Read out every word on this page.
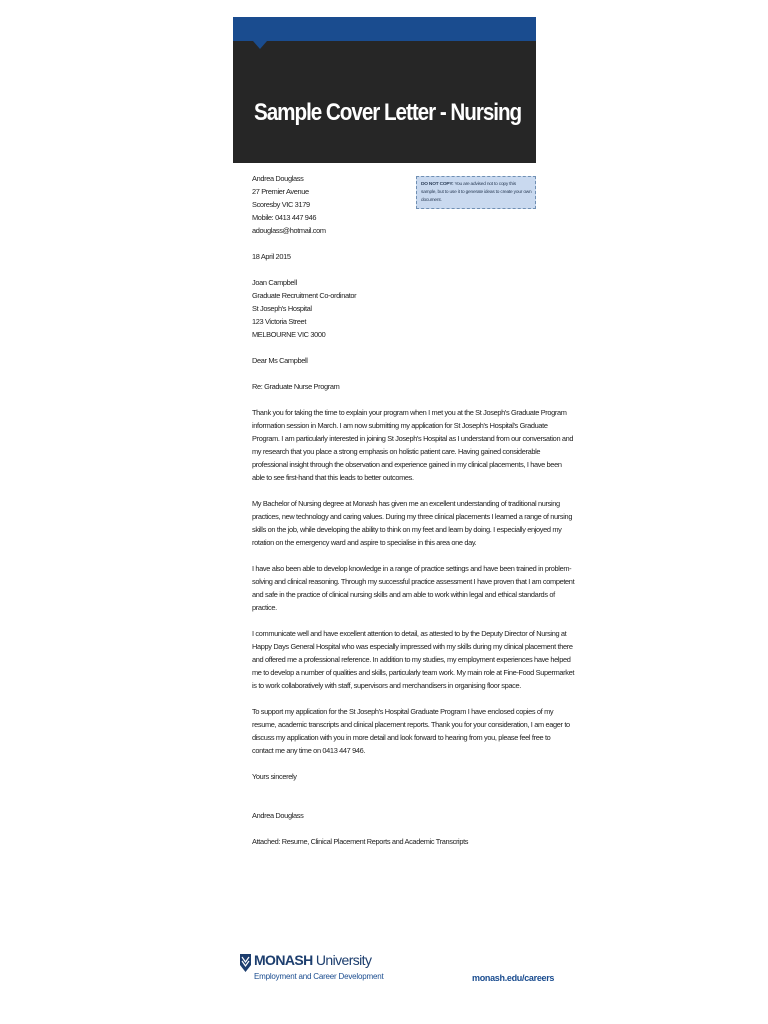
Sample Cover Letter - Nursing
DO NOT COPY: You are advised not to copy this sample, but to use it to generate ideas to create your own document.

Andrea Douglass
27 Premier Avenue
Scoresby VIC 3179
Mobile: 0413 447 946
adouglass@hotmail.com

18 April 2015

Joan Campbell
Graduate Recruitment Co-ordinator
St Joseph's Hospital
123 Victoria Street
MELBOURNE VIC 3000

Dear Ms Campbell

Re: Graduate Nurse Program

Thank you for taking the time to explain your program when I met you at the St Joseph's Graduate Program
information session in March. I am now submitting my application for St Joseph's Hospital's Graduate
Program. I am particularly interested in joining St Joseph's Hospital as I understand from our conversation and
my research that you place a strong emphasis on holistic patient care. Having gained considerable
professional insight through the observation and experience gained in my clinical placements, I have been
able to see first-hand that this leads to better outcomes.

My Bachelor of Nursing degree at Monash has given me an excellent understanding of traditional nursing
practices, new technology and caring values. During my three clinical placements I learned a range of nursing
skills on the job, while developing the ability to think on my feet and learn by doing. I especially enjoyed my
rotation on the emergency ward and aspire to specialise in this area one day.

I have also been able to develop knowledge in a range of practice settings and have been trained in problem-
solving and clinical reasoning. Through my successful practice assessment I have proven that I am competent
and safe in the practice of clinical nursing skills and am able to work within legal and ethical standards of
practice.

I communicate well and have excellent attention to detail, as attested to by the Deputy Director of Nursing at
Happy Days General Hospital who was especially impressed with my skills during my clinical placement there
and offered me a professional reference. In addition to my studies, my employment experiences have helped
me to develop a number of qualities and skills, particularly team work. My main role at Fine-Food Supermarket
is to work collaboratively with staff, supervisors and merchandisers in organising floor space.

To support my application for the St Joseph's Hospital Graduate Program I have enclosed copies of my
resume, academic transcripts and clinical placement reports. Thank you for your consideration, I am eager to
discuss my application with you in more detail and look forward to hearing from you, please feel free to
contact me any time on 0413 447 946.

Yours sincerely

Andrea Douglass

Attached: Resume, Clinical Placement Reports and Academic Transcripts

MONASH University
Employment and Career Development	monash.edu/careers
